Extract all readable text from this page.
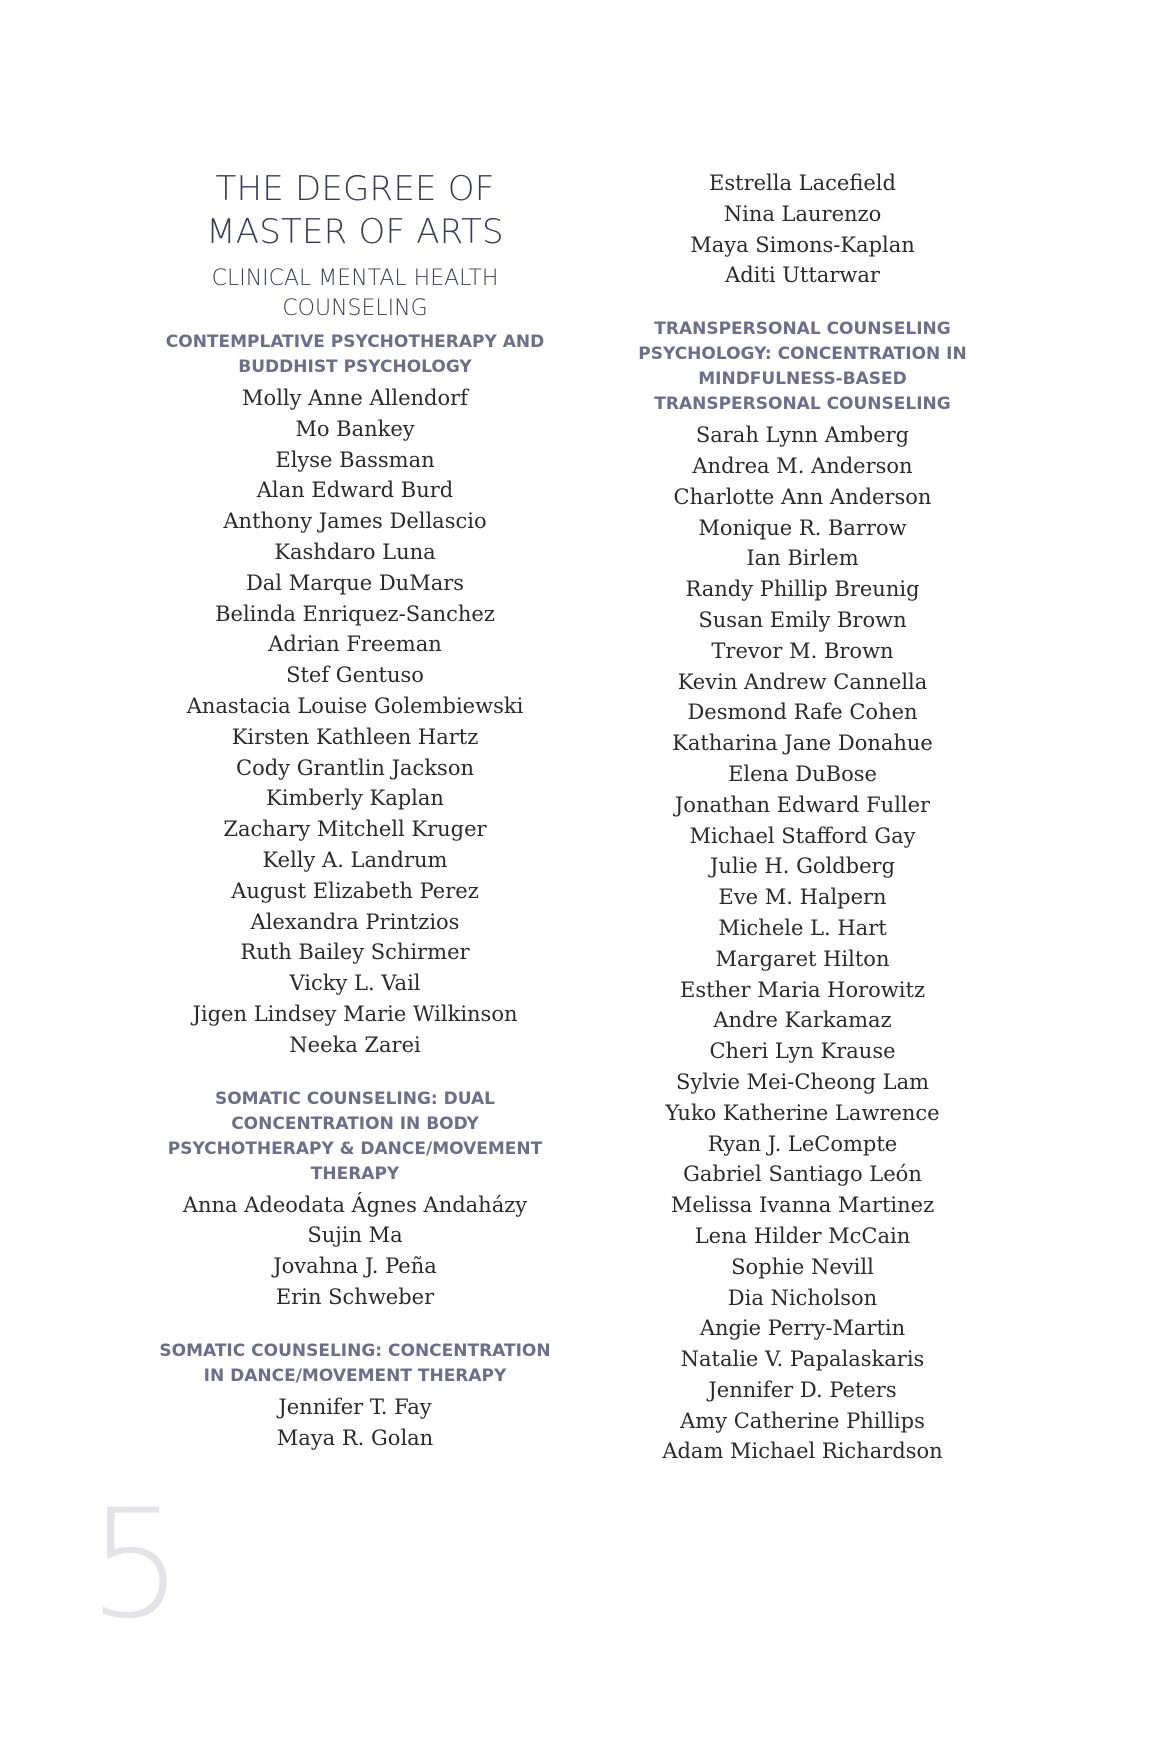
THE DEGREE OF
MASTER OF ARTS
CLINICAL MENTAL HEALTH
COUNSELING
CONTEMPLATIVE PSYCHOTHERAPY AND
BUDDHIST PSYCHOLOGY
Molly Anne Allendorf
Mo Bankey
Elyse Bassman
Alan Edward Burd
Anthony James Dellascio
Kashdaro Luna
Dal Marque DuMars
Belinda Enriquez-Sanchez
Adrian Freeman
Stef Gentuso
Anastacia Louise Golembiewski
Kirsten Kathleen Hartz
Cody Grantlin Jackson
Kimberly Kaplan
Zachary Mitchell Kruger
Kelly A. Landrum
August Elizabeth Perez
Alexandra Printzios
Ruth Bailey Schirmer
Vicky L. Vail
Jigen Lindsey Marie Wilkinson
Neeka Zarei
SOMATIC COUNSELING: DUAL
CONCENTRATION IN BODY
PSYCHOTHERAPY & DANCE/MOVEMENT
THERAPY
Anna Adeodata Ágnes Andaházy
Sujin Ma
Jovahna J. Peña
Erin Schweber
SOMATIC COUNSELING: CONCENTRATION
IN DANCE/MOVEMENT THERAPY
Jennifer T. Fay
Maya R. Golan
Estrella Lacefield
Nina Laurenzo
Maya Simons-Kaplan
Aditi Uttarwar
TRANSPERSONAL COUNSELING
PSYCHOLOGY: CONCENTRATION IN
MINDFULNESS-BASED
TRANSPERSONAL COUNSELING
Sarah Lynn Amberg
Andrea M. Anderson
Charlotte Ann Anderson
Monique R. Barrow
Ian Birlem
Randy Phillip Breunig
Susan Emily Brown
Trevor M. Brown
Kevin Andrew Cannella
Desmond Rafe Cohen
Katharina Jane Donahue
Elena DuBose
Jonathan Edward Fuller
Michael Stafford Gay
Julie H. Goldberg
Eve M. Halpern
Michele L. Hart
Margaret Hilton
Esther Maria Horowitz
Andre Karkamaz
Cheri Lyn Krause
Sylvie Mei-Cheong Lam
Yuko Katherine Lawrence
Ryan J. LeCompte
Gabriel Santiago León
Melissa Ivanna Martinez
Lena Hilder McCain
Sophie Nevill
Dia Nicholson
Angie Perry-Martin
Natalie V. Papalaskaris
Jennifer D. Peters
Amy Catherine Phillips
Adam Michael Richardson
5
